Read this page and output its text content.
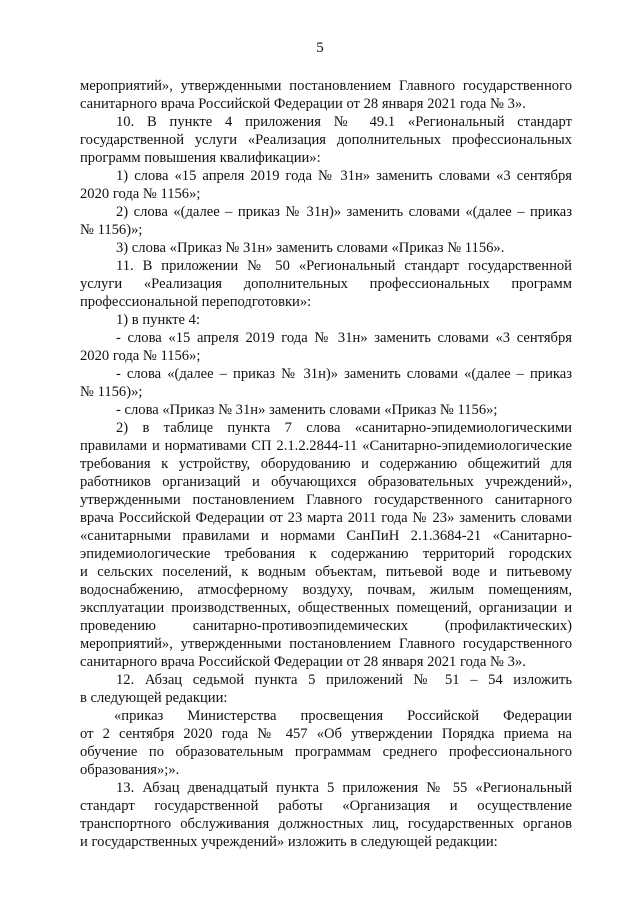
5
мероприятий», утвержденными постановлением Главного государственного
санитарного врача Российской Федерации от 28 января 2021 года № 3».
10. В пункте 4 приложения № 49.1 «Региональный стандарт
государственной услуги «Реализация дополнительных профессиональных
программ повышения квалификации»:
1) слова «15 апреля 2019 года № 31н» заменить словами «3 сентября
2020 года № 1156»;
2) слова «(далее – приказ № 31н)» заменить словами «(далее – приказ
№ 1156)»;
3) слова «Приказ № 31н» заменить словами «Приказ № 1156».
11. В приложении № 50 «Региональный стандарт государственной
услуги «Реализация дополнительных профессиональных программ
профессиональной переподготовки»:
1) в пункте 4:
- слова «15 апреля 2019 года № 31н» заменить словами «3 сентября
2020 года № 1156»;
- слова «(далее – приказ № 31н)» заменить словами «(далее – приказ
№ 1156)»;
- слова «Приказ № 31н» заменить словами «Приказ № 1156»;
2) в таблице пункта 7 слова «санитарно-эпидемиологическими
правилами и нормативами СП 2.1.2.2844-11 «Санитарно-эпидемиологические
требования к устройству, оборудованию и содержанию общежитий для
работников организаций и обучающихся образовательных учреждений»,
утвержденными постановлением Главного государственного санитарного
врача Российской Федерации от 23 марта 2011 года № 23» заменить словами
«санитарными правилами и нормами СанПиН 2.1.3684-21 «Санитарно-
эпидемиологические требования к содержанию территорий городских
и сельских поселений, к водным объектам, питьевой воде и питьевому
водоснабжению, атмосферному воздуху, почвам, жилым помещениям,
эксплуатации производственных, общественных помещений, организации и
проведению санитарно-противоэпидемических (профилактических)
мероприятий», утвержденными постановлением Главного государственного
санитарного врача Российской Федерации от 28 января 2021 года № 3».
12. Абзац седьмой пункта 5 приложений № 51 – 54 изложить
в следующей редакции:
«приказ Министерства просвещения Российской Федерации
от 2 сентября 2020 года № 457 «Об утверждении Порядка приема на
обучение по образовательным программам среднего профессионального
образования»;».
13. Абзац двенадцатый пункта 5 приложения № 55 «Региональный
стандарт государственной работы «Организация и осуществление
транспортного обслуживания должностных лиц, государственных органов
и государственных учреждений» изложить в следующей редакции:
